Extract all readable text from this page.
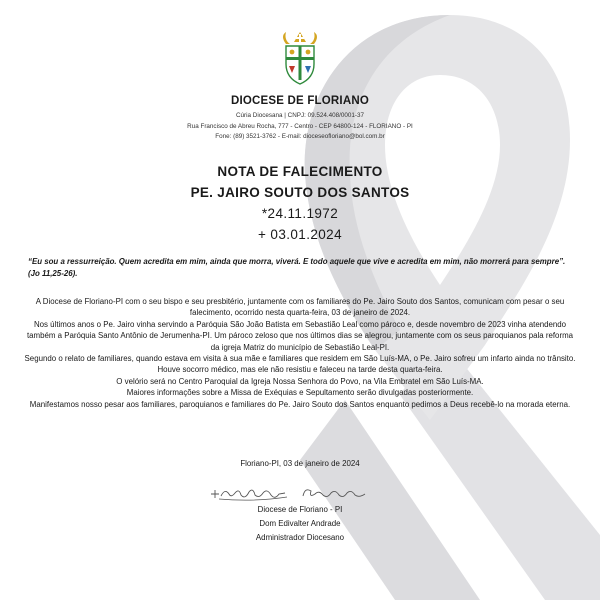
DIOCESE DE FLORIANO
Cúria Diocesana | CNPJ: 09.524.408/0001-37
Rua Francisco de Abreu Rocha, 777 - Centro - CEP 64800-124 - FLORIANO - PI
Fone: (89) 3521-3762 - E-mail: dioceseofloriano@bol.com.br
NOTA DE FALECIMENTO
PE. JAIRO SOUTO DOS SANTOS
*24.11.1972
+ 03.01.2024
“Eu sou a ressurreição. Quem acredita em mim, ainda que morra, viverá. E todo aquele que vive e acredita em mim, não morrerá para sempre”. (Jo 11,25-26).

A Diocese de Floriano-PI com o seu bispo e seu presbitério, juntamente com os familiares do Pe. Jairo Souto dos Santos, comunicam com pesar o seu falecimento, ocorrido nesta quarta-feira, 03 de janeiro de 2024.

Nos últimos anos o Pe. Jairo vinha servindo a Paróquia São João Batista em Sebastião Leal como pároco e, desde novembro de 2023 vinha atendendo também a Paróquia Santo Antônio de Jerumenha-PI. Um pároco zeloso que nos últimos dias se alegrou, juntamente com os seus paroquianos pala reforma da igreja Matriz do município de Sebastião Leal-PI.

Segundo o relato de familiares, quando estava em visita à sua mãe e familiares que residem em São Luís-MA, o Pe. Jairo sofreu um infarto ainda no trânsito. Houve socorro médico, mas ele não resistiu e faleceu na tarde desta quarta-feira.

O velório será no Centro Paroquial da Igreja Nossa Senhora do Povo, na Vila Embratel em São Luís-MA.

Maiores informações sobre a Missa de Exéquias e Sepultamento serão divulgadas posteriormente.

Manifestamos nosso pesar aos familiares, paroquianos e familiares do Pe. Jairo Souto dos Santos enquanto pedimos a Deus recebê-lo na morada eterna.

Floriano-PI, 03 de janeiro de 2024
Diocese de Floriano - PI
Dom Edivalter Andrade
Administrador Diocesano
